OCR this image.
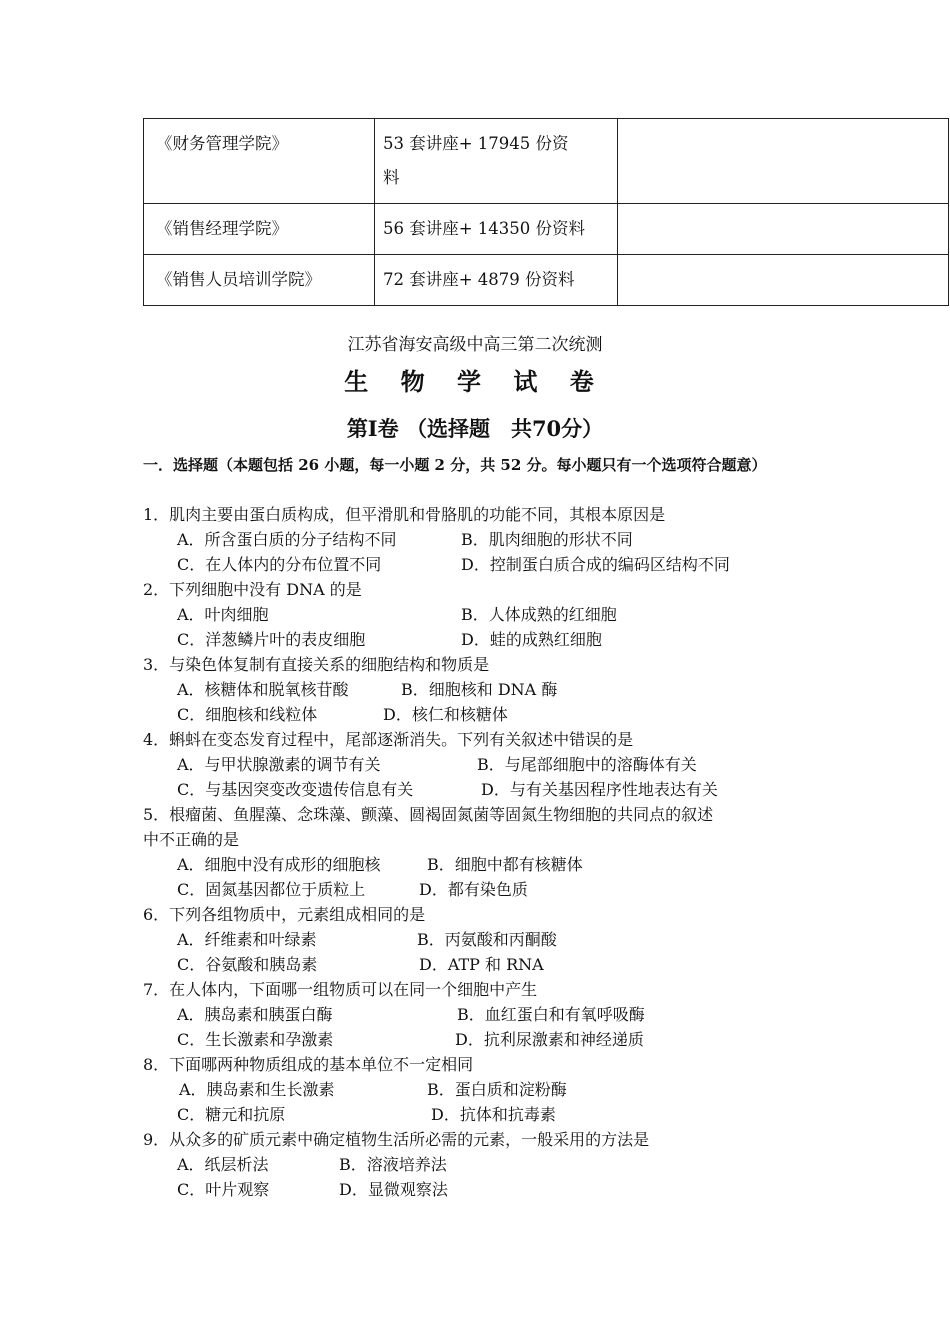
《财务管理学院》	53 套讲座+ 17945 份资
料	

《销售经理学院》	56 套讲座+ 14350 份资料	
《销售人员培训学院》	72 套讲座+ 4879 份资料	
江苏省海安高级中高三第二次统测
生 物 学 试 卷
第Ⅰ卷 （选择题　共70分）
一．选择题（本题包括 26 小题，每一小题 2 分，共 52 分。每小题只有一个选项符合题意）
1．肌肉主要由蛋白质构成，但平滑肌和骨胳肌的功能不同，其根本原因是
A．所含蛋白质的分子结构不同	B．肌肉细胞的形状不同
C．在人体内的分布位置不同	D．控制蛋白质合成的编码区结构不同
2．下列细胞中没有 DNA 的是
A．叶肉细胞	B．人体成熟的红细胞
C．洋葱鳞片叶的表皮细胞	D．蛙的成熟红细胞
3．与染色体复制有直接关系的细胞结构和物质是
A．核糖体和脱氧核苷酸	B．细胞核和 DNA 酶
C．细胞核和线粒体	D．核仁和核糖体
4．蝌蚪在变态发育过程中，尾部逐渐消失。下列有关叙述中错误的是
A．与甲状腺激素的调节有关	B．与尾部细胞中的溶酶体有关
C．与基因突变改变遗传信息有关	D．与有关基因程序性地表达有关
5．根瘤菌、鱼腥藻、念珠藻、颤藻、圆褐固氮菌等固氮生物细胞的共同点的叙述
中不正确的是
A．细胞中没有成形的细胞核	B．细胞中都有核糖体
C．固氮基因都位于质粒上	D．都有染色质
6．下列各组物质中，元素组成相同的是
A．纤维素和叶绿素	B．丙氨酸和丙酮酸
C．谷氨酸和胰岛素	D．ATP 和 RNA
7．在人体内，下面哪一组物质可以在同一个细胞中产生
A．胰岛素和胰蛋白酶	B．血红蛋白和有氧呼吸酶
C．生长激素和孕激素	D．抗利尿激素和神经递质
8．下面哪两种物质组成的基本单位不一定相同
A．胰岛素和生长激素	B．蛋白质和淀粉酶
C．糖元和抗原	D．抗体和抗毒素
9．从众多的矿质元素中确定植物生活所必需的元素，一般采用的方法是
A．纸层析法	B．溶液培养法
C．叶片观察	D．显微观察法
